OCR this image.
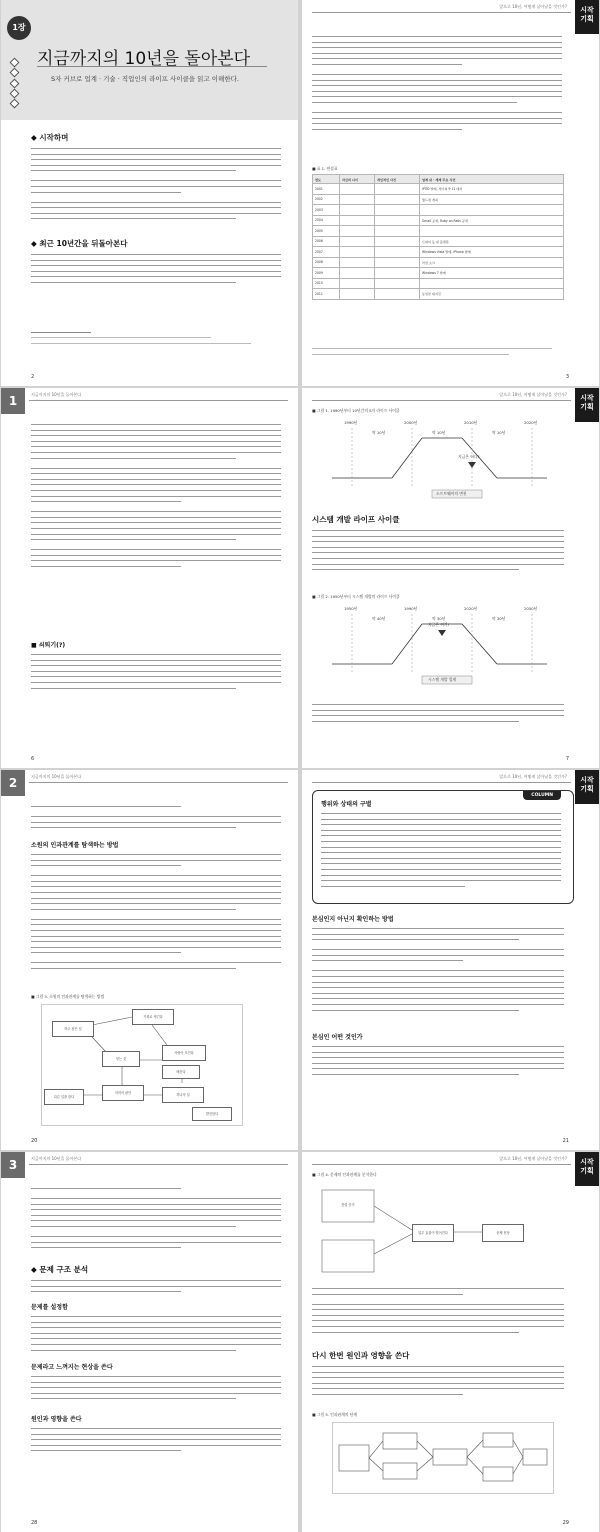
1장
지금까지의 10년을 돌아본다
S자 커브로 업계 · 기술 · 직업인의 라이프 사이클을 읽고 이해한다.
◆ 시작하며
◆ 최근 10년간을 뒤돌아본다
2
앞으로 10년, 어떻게 살아남을 것인가?	시작
기획
■ 표 1. 연결표
연도	자신의 나이	개인적인 사건	업계 내 · 세계 주요 사건
2001			iPOD 발매, 세기의 9·11 테러
2002			월드컵 개최
2003			
2004			Gmail 공개, Ruby on Rails 공개
2005			
2006			트위터 등 새 플랫폼
2007			Windows Vista 발매, iPhone 발매
2008			리먼 쇼크
2009			Windows 7 발매
2010			
2011			동일본 대지진
3
1	지금까지의 10년을 돌아본다
■ 쇠퇴기(?)
6
앞으로 10년, 어떻게 살아남을 것인가?	시작
기획
■ 그림 1. 1990년부터 10년간의 S자 라이프 사이클
1990년	2000년	2010년	2020년
약 10년	약 10년	약 10년
지금은 어디?
소프트웨어의 변천
시스템 개발 라이프 사이클
■ 그림 2. 1950년부터 시스템 개발의 라이프 사이클
1950년	1990년	2020년	2050년
약 40년	약 30년	약 30년
지금은 여기?
시스템 개발 업계
7
2	지금까지의 10년을 돌아본다
소원의 인과관계를 탐색하는 방법
■ 그림 3. 소원의 인과관계를 탐색하는 방법
하고 싶은 일
기회로 생긴다
얻는 것
사람이 모인다
배운다
의미의 판단	하나의 일
다른 일을 한다
발전한다
20
앞으로 10년, 어떻게 살아남을 것인가?	시작
기획
COLUMN
행위와 상태의 구별
본심인지 아닌지 확인하는 방법
본심인 어떤 것인가
21
3	지금까지의 10년을 돌아본다
◆ 문제 구조 분석
문제를 설정함
문제라고 느껴지는 현상을 쓴다
원인과 영향을 쓴다
28
앞으로 10년, 어떻게 살아남을 것인가?	시작
기획
■ 그림 4. 문제의 인과관계를 분석한다
업무 효율이 떨어진다	문제 현상
잔업 증가
다시 한번 원인과 영향을 쓴다
■ 그림 5. 인과관계의 단계
29
